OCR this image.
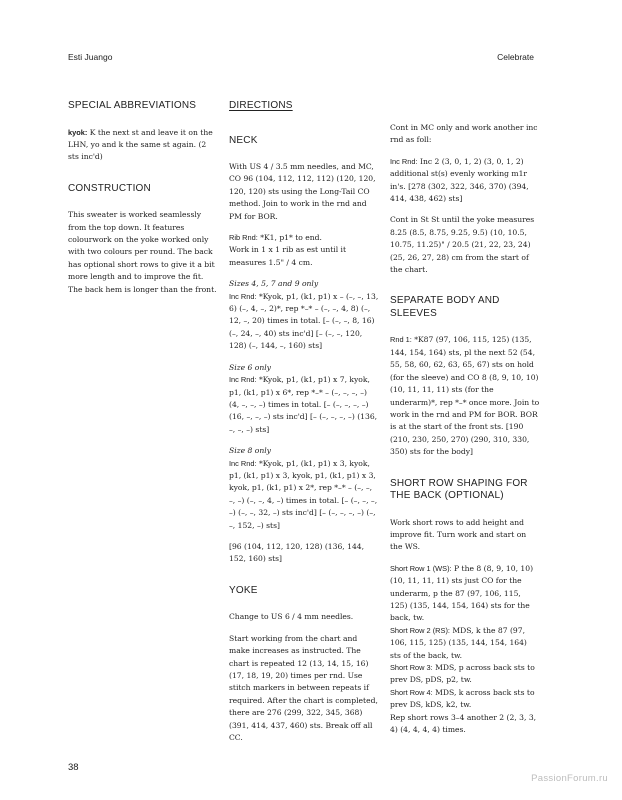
Esti Juango	Celebrate
SPECIAL ABBREVIATIONS

kyok: K the next st and leave it on the LHN, yo and k the same st again. (2 sts inc'd)

CONSTRUCTION

This sweater is worked seamlessly from the top down. It features colourwork on the yoke worked only with two colours per round. The back has optional short rows to give it a bit more length and to improve the fit. The back hem is longer than the front.

DIRECTIONS
NECK

With US 4 / 3.5 mm needles, and MC, CO 96 (104, 112, 112, 112) (120, 120, 120, 120) sts using the Long-Tail CO method. Join to work in the rnd and PM for BOR.

Rib Rnd: *K1, p1* to end.

Work in 1 x 1 rib as est until it measures 1.5" / 4 cm.

Sizes 4, 5, 7 and 9 only
Inc Rnd: *Kyok, p1, (k1, p1) x – (–, –, 13, 6) (–, 4, –, 2)*, rep *–* – (–, –, 4, 8) (–, 12, –, 20) times in total. [– (–, –, 8, 16) (–, 24, –, 40) sts inc'd] [– (–, –, 120, 128) (–, 144, –, 160) sts]

Size 6 only
Inc Rnd: *Kyok, p1, (k1, p1) x 7, kyok, p1, (k1, p1) x 6*, rep *–* – (–, –, –, –) (4, –, –, –) times in total. [– (–, –, –, –) (16, –, –, –) sts inc'd] [– (–, –, –, –) (136, –, –, –) sts]

Size 8 only
Inc Rnd: *Kyok, p1, (k1, p1) x 3, kyok, p1, (k1, p1) x 3, kyok, p1, (k1, p1) x 3, kyok, p1, (k1, p1) x 2*, rep *–* – (–, –, –, –) (–, –, 4, –) times in total. [– (–, –, –, –) (–, –, 32, –) sts inc'd] [– (–, –, –, –) (–, –, 152, –) sts]

[96 (104, 112, 120, 128) (136, 144, 152, 160) sts]

YOKE

Change to US 6 / 4 mm needles.

Start working from the chart and make increases as instructed. The chart is repeated 12 (13, 14, 15, 16) (17, 18, 19, 20) times per rnd. Use stitch markers in between repeats if required. After the chart is completed, there are 276 (299, 322, 345, 368) (391, 414, 437, 460) sts. Break off all CC.

Cont in MC only and work another inc rnd as foll:

Inc Rnd: Inc 2 (3, 0, 1, 2) (3, 0, 1, 2) additional st(s) evenly working m1r in's. [278 (302, 322, 346, 370) (394, 414, 438, 462) sts]

Cont in St St until the yoke measures 8.25 (8.5, 8.75, 9.25, 9.5) (10, 10.5, 10.75, 11.25)" / 20.5 (21, 22, 23, 24) (25, 26, 27, 28) cm from the start of the chart.

SEPARATE BODY AND SLEEVES

Rnd 1: *K87 (97, 106, 115, 125) (135, 144, 154, 164) sts, pl the next 52 (54, 55, 58, 60, 62, 63, 65, 67) sts on hold (for the sleeve) and CO 8 (8, 9, 10, 10) (10, 11, 11, 11) sts (for the underarm)*, rep *–* once more. Join to work in the rnd and PM for BOR. BOR is at the start of the front sts. [190 (210, 230, 250, 270) (290, 310, 330, 350) sts for the body]

SHORT ROW SHAPING FOR THE BACK (OPTIONAL)

Work short rows to add height and improve fit. Turn work and start on the WS.

Short Row 1 (WS): P the 8 (8, 9, 10, 10) (10, 11, 11, 11) sts just CO for the underarm, p the 87 (97, 106, 115, 125) (135, 144, 154, 164) sts for the back, tw.
Short Row 2 (RS): MDS, k the 87 (97, 106, 115, 125) (135, 144, 154, 164) sts of the back, tw.
Short Row 3: MDS, p across back sts to prev DS, pDS, p2, tw.
Short Row 4: MDS, k across back sts to prev DS, kDS, k2, tw.
Rep short rows 3–4 another 2 (2, 3, 3, 4) (4, 4, 4, 4) times.
38
PassionForum.ru
